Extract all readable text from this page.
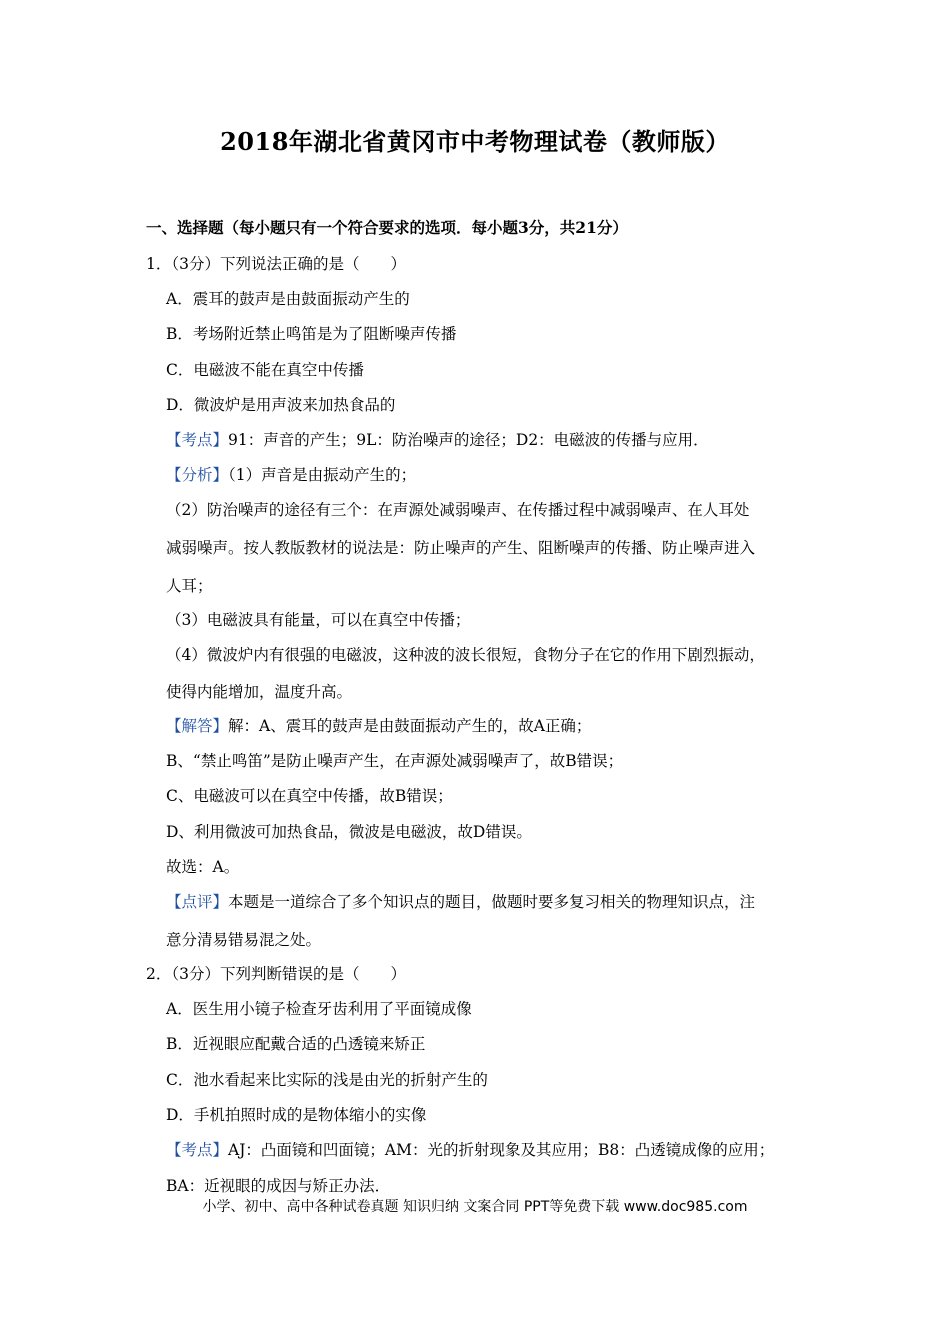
2018年湖北省黄冈市中考物理试卷（教师版）
一、选择题（每小题只有一个符合要求的选项．每小题3分，共21分）
1．（3分）下列说法正确的是（　　）
A．震耳的鼓声是由鼓面振动产生的
B．考场附近禁止鸣笛是为了阻断噪声传播
C．电磁波不能在真空中传播
D．微波炉是用声波来加热食品的
【考点】91：声音的产生；9L：防治噪声的途径；D2：电磁波的传播与应用．
【分析】（1）声音是由振动产生的；
（2）防治噪声的途径有三个：在声源处减弱噪声、在传播过程中减弱噪声、在人耳处
减弱噪声。按人教版教材的说法是：防止噪声的产生、阻断噪声的传播、防止噪声进入
人耳；
（3）电磁波具有能量，可以在真空中传播；
（4）微波炉内有很强的电磁波，这种波的波长很短，食物分子在它的作用下剧烈振动，
使得内能增加，温度升高。
【解答】解：A、震耳的鼓声是由鼓面振动产生的，故A正确；
B、“禁止鸣笛”是防止噪声产生，在声源处减弱噪声了，故B错误；
C、电磁波可以在真空中传播，故B错误；
D、利用微波可加热食品，微波是电磁波，故D错误。
故选：A。
【点评】本题是一道综合了多个知识点的题目，做题时要多复习相关的物理知识点，注
意分清易错易混之处。
2．（3分）下列判断错误的是（　　）
A．医生用小镜子检查牙齿利用了平面镜成像
B．近视眼应配戴合适的凸透镜来矫正
C．池水看起来比实际的浅是由光的折射产生的
D．手机拍照时成的是物体缩小的实像
【考点】AJ：凸面镜和凹面镜；AM：光的折射现象及其应用；B8：凸透镜成像的应用；
BA：近视眼的成因与矫正办法．
小学、初中、高中各种试卷真题 知识归纳 文案合同 PPT等免费下载 www.doc985.com
